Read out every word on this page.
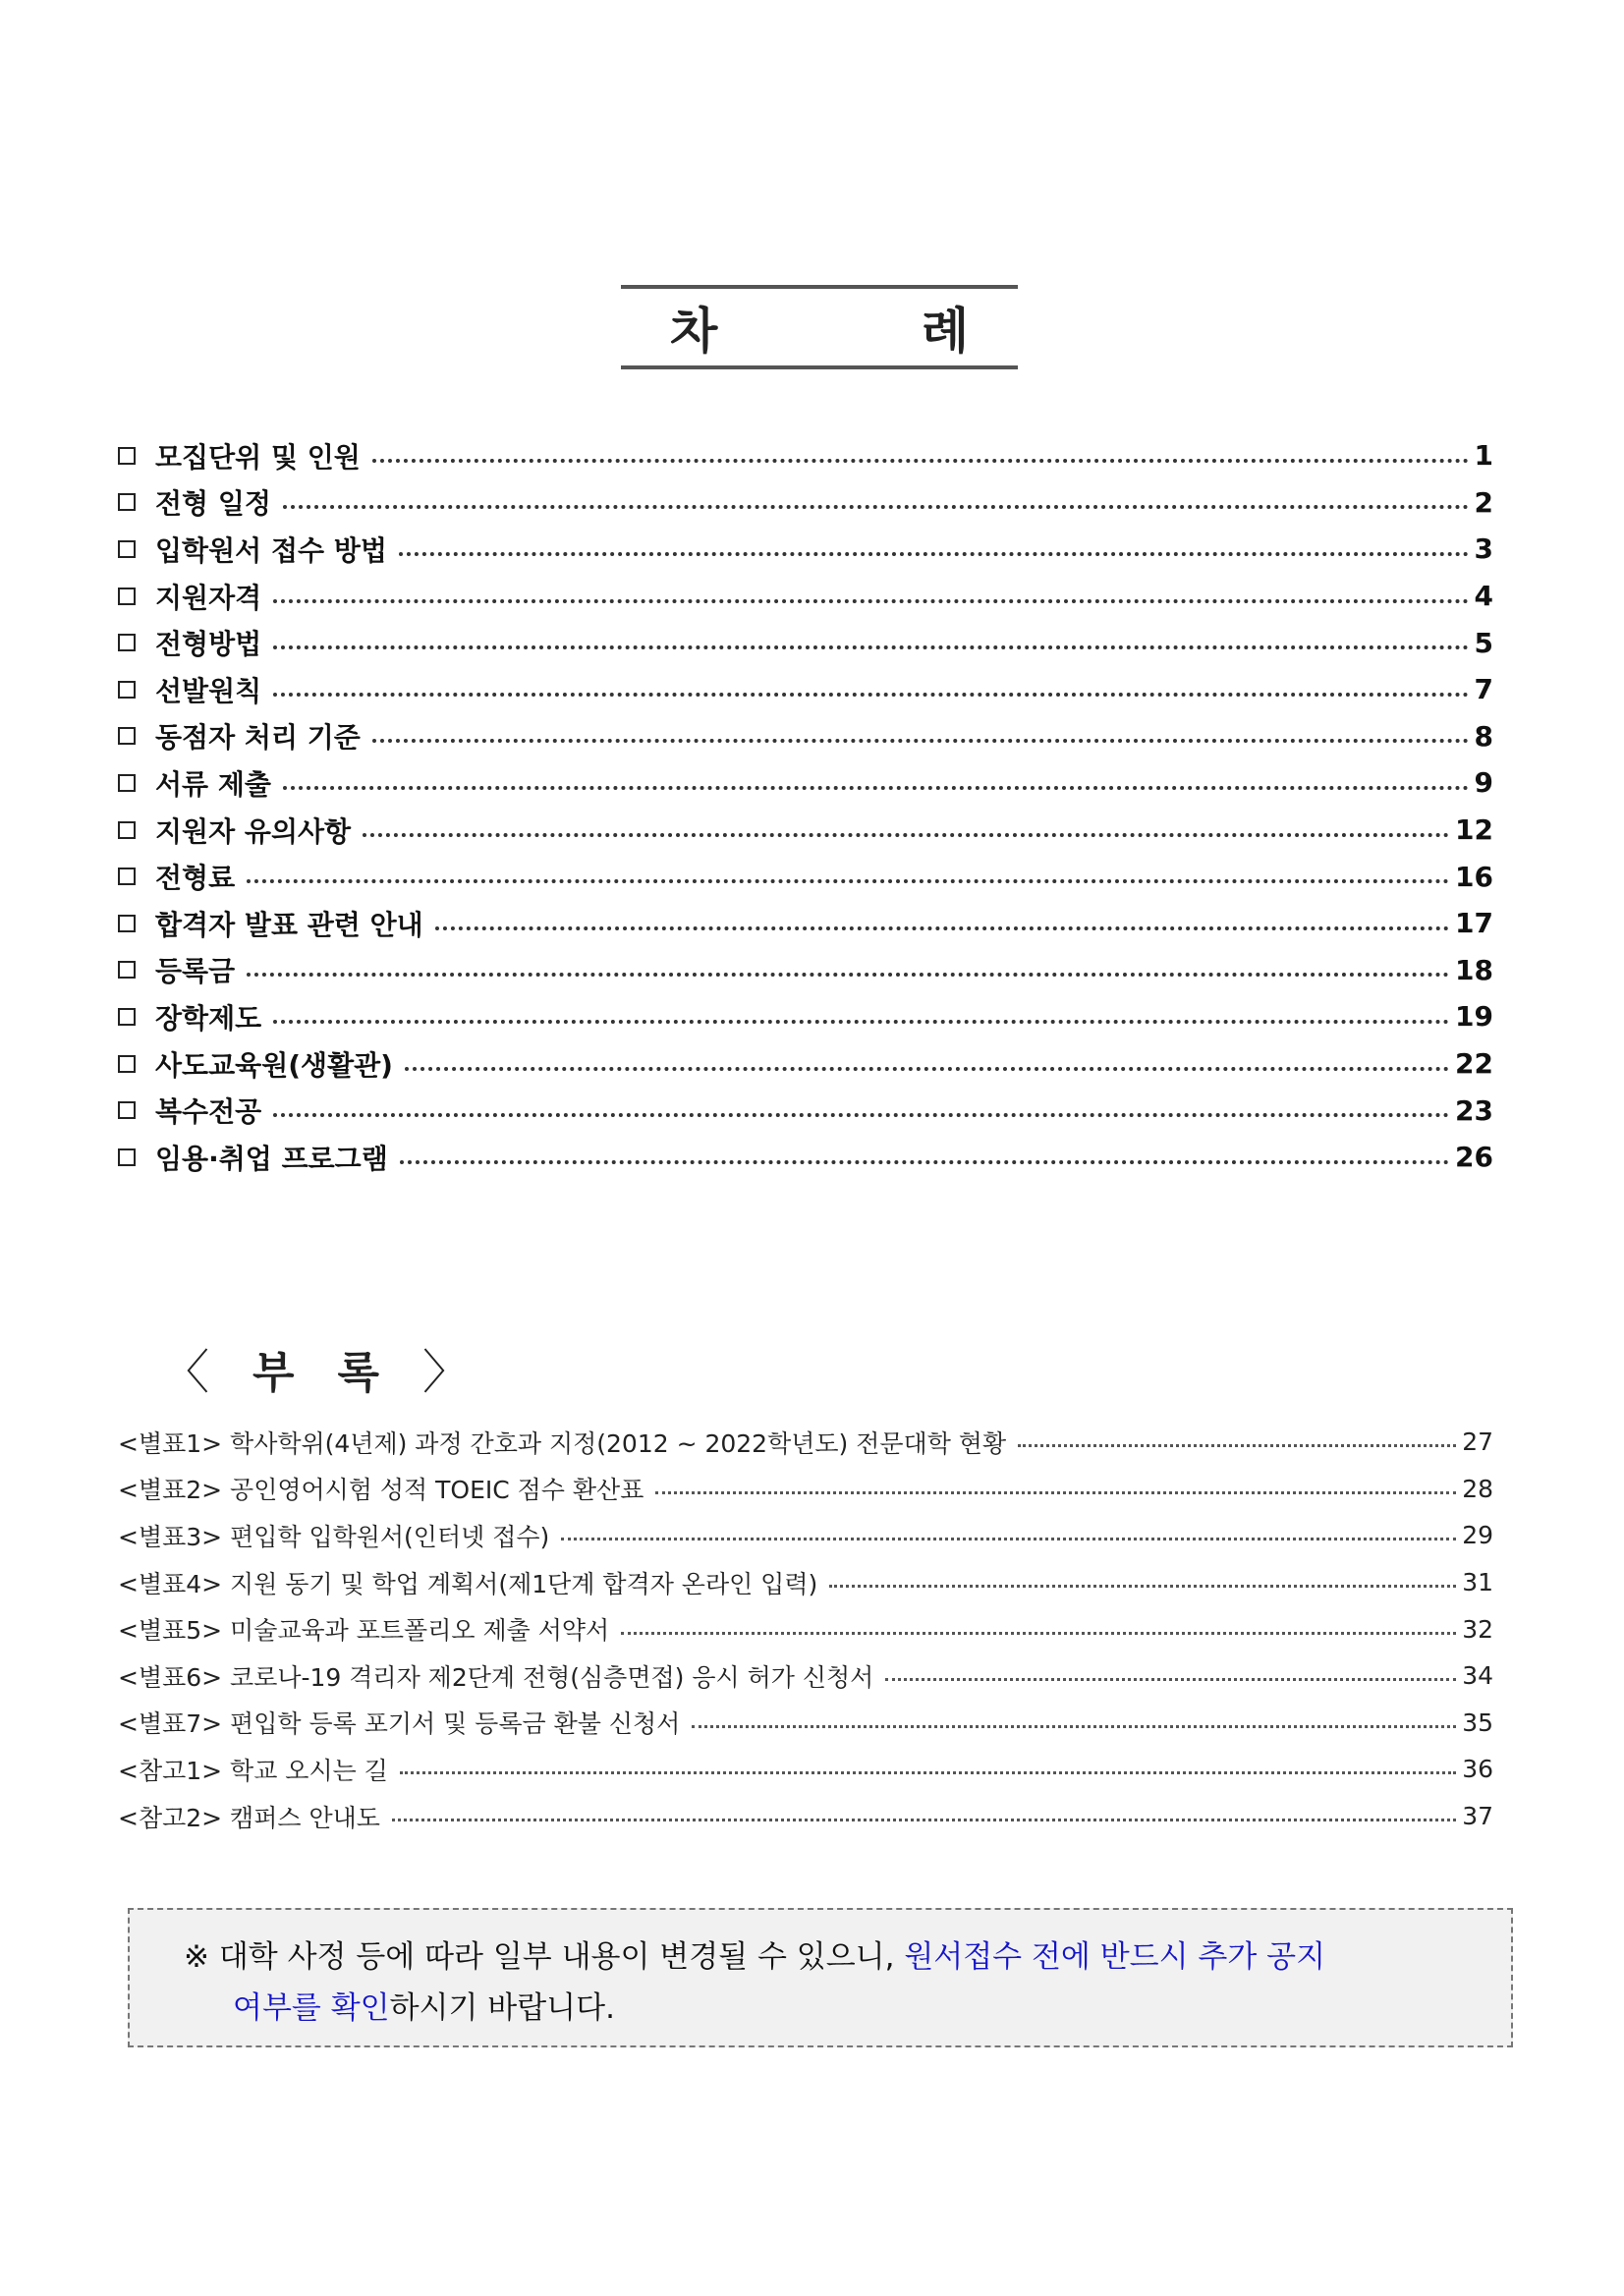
차 례
모집단위 및 인원	1
전형 일정	2
입학원서 접수 방법	3
지원자격	4
전형방법	5
선발원칙	7
동점자 처리 기준	8
서류 제출	9
지원자 유의사항	12
전형료	16
합격자 발표 관련 안내	17
등록금	18
장학제도	19
사도교육원(생활관)	22
복수전공	23
임용·취업 프로그램	26
〈 부 록 〉
<별표1> 학사학위(4년제) 과정 간호과 지정(2012 ~ 2022학년도) 전문대학 현황	27
<별표2> 공인영어시험 성적 TOEIC 점수 환산표	28
<별표3> 편입학 입학원서(인터넷 접수)	29
<별표4> 지원 동기 및 학업 계획서(제1단계 합격자 온라인 입력)	31
<별표5> 미술교육과 포트폴리오 제출 서약서	32
<별표6> 코로나-19 격리자 제2단계 전형(심층면접) 응시 허가 신청서	34
<별표7> 편입학 등록 포기서 및 등록금 환불 신청서	35
<참고1> 학교 오시는 길	36
<참고2> 캠퍼스 안내도	37
※ 대학 사정 등에 따라 일부 내용이 변경될 수 있으니, 원서접수 전에 반드시 추가 공지
여부를 확인하시기 바랍니다.
